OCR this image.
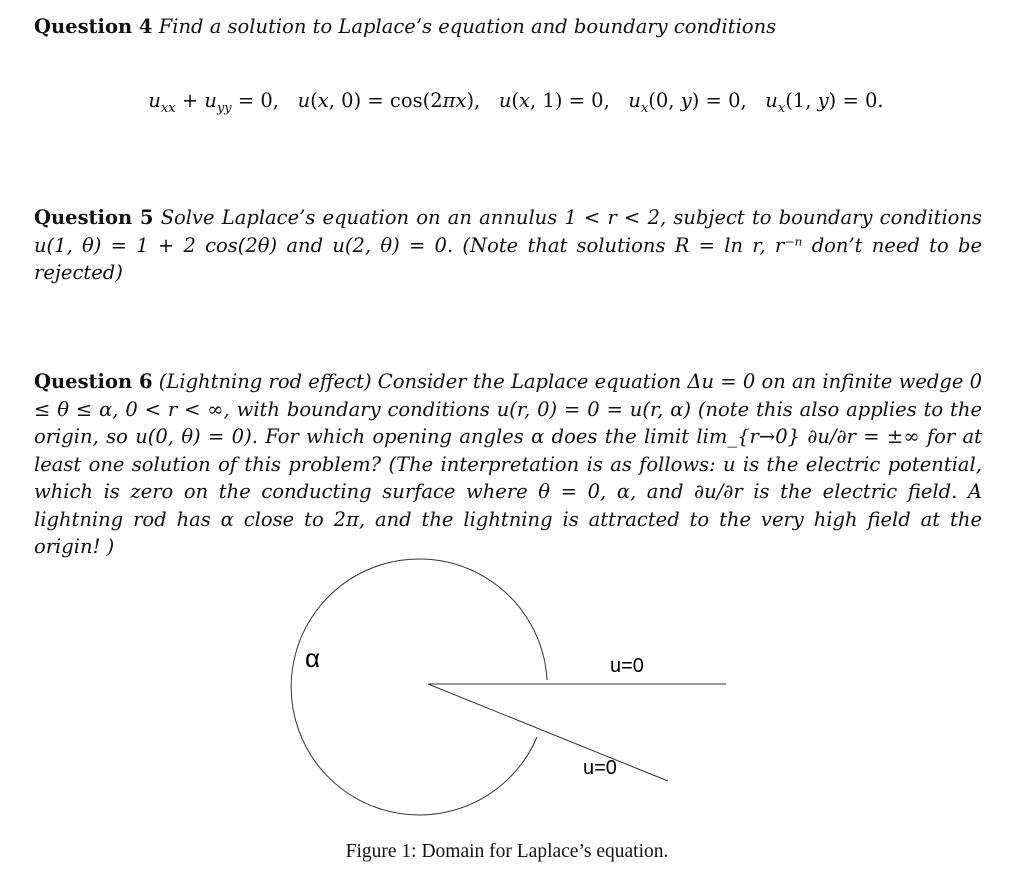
Question 4 Find a solution to Laplace’s equation and boundary conditions

$u_{xx} + u_{yy} = 0$,   u(x, 0) = cos(2πx),   u(x, 1) = 0,   $u_x(0$, y) = 0,   $u_x(1$, y) = 0.

Question 5 Solve Laplace’s equation on an annulus 1 < r < 2, subject to boundary conditions u(1, θ) = 1 + 2 cos(2θ) and u(2, θ) = 0. (Note that solutions R = ln r, r⁻ⁿ don’t need to be rejected)
Question 6 (Lightning rod effect) Consider the Laplace equation Δu = 0 on an infinite wedge 0 ≤ θ ≤ α, 0 < r < ∞, with boundary conditions u(r, 0) = 0 = u(r, α) (note this also applies to the origin, so u(0, θ) = 0). For which opening angles α does the limit lim_{r→0} ∂u/∂r = ±∞ for at least one solution of this problem? (The interpretation is as follows: u is the electric potential, which is zero on the conducting surface where θ = 0, α, and ∂u/∂r is the electric field. A lightning rod has α close to 2π, and the lightning is attracted to the very high field at the origin! )
α	u=0
u=0
Figure 1: Domain for Laplace’s equation.
